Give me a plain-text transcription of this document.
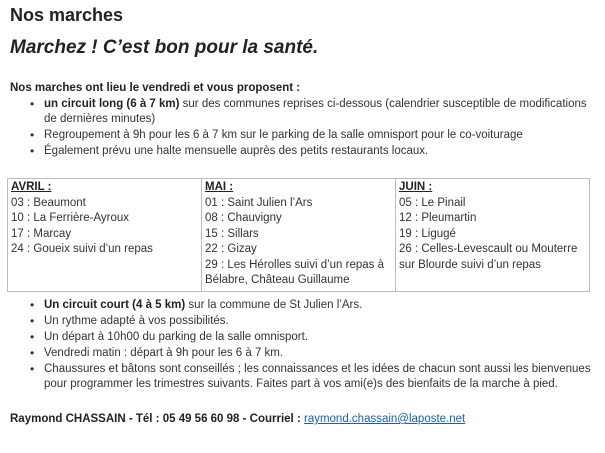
Nos marches
Marchez ! C’est bon pour la santé.
Nos marches ont lieu le vendredi et vous proposent :
• un circuit long (6 à 7 km) sur des communes reprises ci-dessous (calendrier susceptible de modifications de dernières minutes)
• Regroupement à 9h pour les 6 à 7 km sur le parking de la salle omnisport pour le co-voiturage
• Également prévu une halte mensuelle auprès des petits restaurants locaux.
AVRIL :
03 : Beaumont
10 : La Ferrière-Ayroux
17 : Marcay
24 : Goueix suivi d’un repas

MAI :
01 : Saint Julien l’Ars
08 : Chauvigny
15 : Sillars
22 : Gizay
29 : Les Hérolles suivi d’un repas à Bélabre, Château Guillaume

JUIN :
05 : Le Pinail
12 : Pleumartin
19 : Ligugé
26 : Celles-Levescault ou Mouterre sur Blourde suivi d’un repas
• Un circuit court (4 à 5 km) sur la commune de St Julien l’Ars.
• Un rythme adapté à vos possibilités.
• Un départ à 10h00 du parking de la salle omnisport.
• Vendredi matin : départ à 9h pour les 6 à 7 km.
• Chaussures et bâtons sont conseillés ; les connaissances et les idées de chacun sont aussi les bienvenues pour programmer les trimestres suivants. Faites part à vos ami(e)s des bienfaits de la marche à pied.
Raymond CHASSAIN - Tél : 05 49 56 60 98 - Courriel : raymond.chassain@laposte.net
